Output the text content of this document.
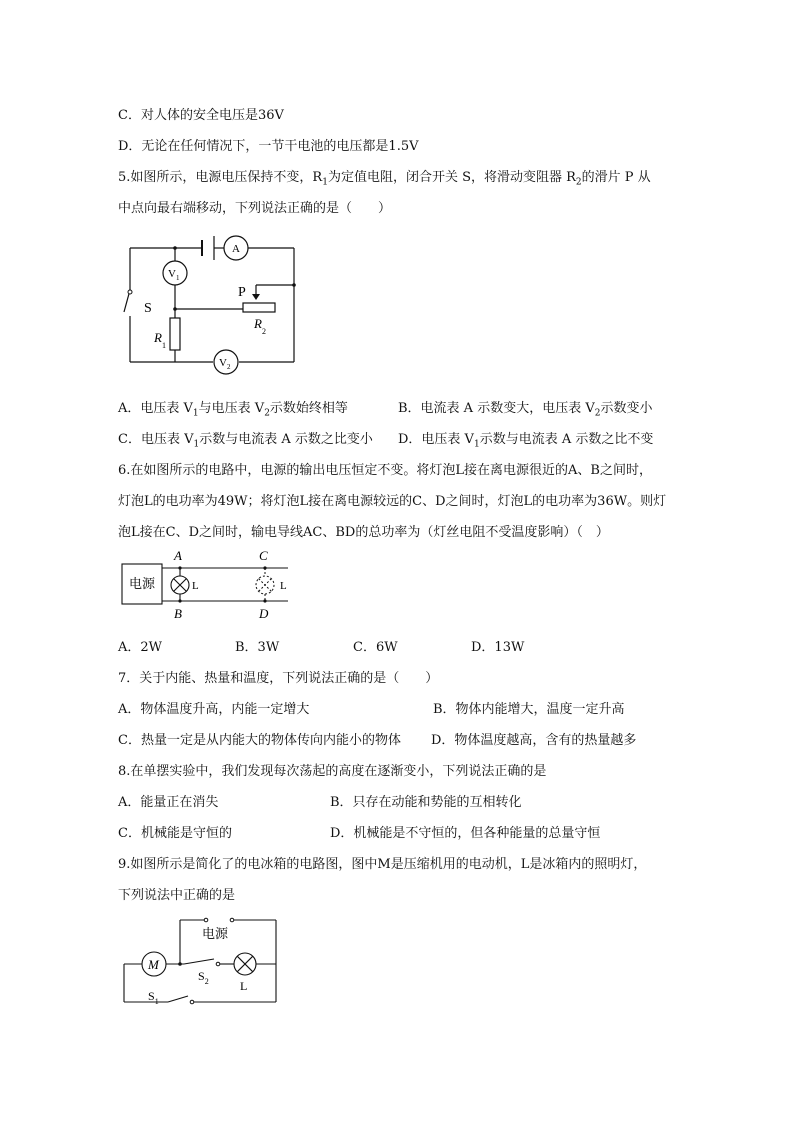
C．对人体的安全电压是36V
D．无论在任何情况下，一节干电池的电压都是1.5V
5.如图所示，电源电压保持不变，$R_1$为定值电阻，闭合开关 S，将滑动变阻器 $R_2$的滑片 P 从
中点向最右端移动，下列说法正确的是（　　）
A
$V_1$
$V_2$
S
P
$R_1$
$R_2$
A．电压表 $V_1$与电压表 $V_2$示数始终相等	B．电流表 A 示数变大，电压表 $V_2$示数变小
C．电压表 $V_1$示数与电流表 A 示数之比变小 D．电压表 $V_1$示数与电流表 A 示数之比不变
6.在如图所示的电路中，电源的输出电压恒定不变。将灯泡L接在离电源很近的A、B之间时，
灯泡L的电功率为49W；将灯泡L接在离电源较远的C、D之间时，灯泡L的电功率为36W。则灯
泡L接在C、D之间时，输电导线AC、BD的总功率为（灯丝电阻不受温度影响）（　）
电源
A
B
C
D
L	L
A．2W	B．3W	C．6W	D．13W
7．关于内能、热量和温度，下列说法正确的是（　　）
A．物体温度升高，内能一定增大	B．物体内能增大，温度一定升高
C．热量一定是从内能大的物体传向内能小的物体 D．物体温度越高，含有的热量越多
8.在单摆实验中，我们发现每次荡起的高度在逐渐变小，下列说法正确的是
A．能量正在消失	B．只存在动能和势能的互相转化
C．机械能是守恒的	D．机械能是不守恒的，但各种能量的总量守恒
9.如图所示是简化了的电冰箱的电路图，图中M是压缩机用的电动机，L是冰箱内的照明灯，
下列说法中正确的是
电源
M
$S_2$
$S_1$
L
